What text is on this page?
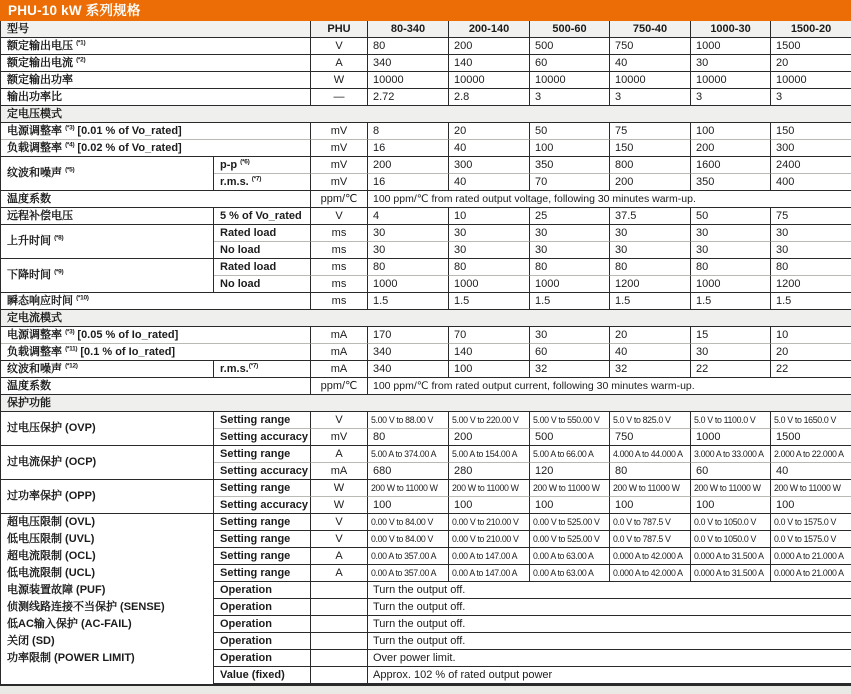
PHU-10 kW 系列规格
型号		PHU	80-340	200-140	500-60	750-40	1000-30	1500-20
额定输出电压 $^{(*1)}$		V	80	200	500	750	1000	1500
额定输出电流 $^{(*2)}$		A	340	140	60	40	30	20
额定输出功率		W	10000	10000	10000	10000	10000	10000
输出功率比		—	2.72	2.8	3	3	3	3
定电压模式								
电源调整率 $^{(*3)}$ [0.01 % of Vo_rated]		mV	8	20	50	75	100	150
负载调整率 $^{(*4)}$ [0.02 % of Vo_rated]		mV	16	40	100	150	200	300
纹波和噪声 $^{(*5)}$	p-p $^{(*6)}$	mV	200	300	350	800	1600	2400
	r.m.s. $^{(*7)}$	mV	16	40	70	200	350	400
温度系数		ppm/℃	100 ppm/℃ from rated output voltage, following 30 minutes warm-up.					
远程补偿电压	5 % of Vo_rated	V	4	10	25	37.5	50	75
上升时间 $^{(*8)}$	Rated load	ms	30	30	30	30	30	30
	No load	ms	30	30	30	30	30	30
下降时间 $^{(*9)}$	Rated load	ms	80	80	80	80	80	80
	No load	ms	1000	1000	1000	1200	1000	1200
瞬态响应时间 $^{(*10)}$		ms	1.5	1.5	1.5	1.5	1.5	1.5
定电流模式								
电源调整率 $^{(*3)}$ [0.05 % of Io_rated]		mA	170	70	30	20	15	10
负载调整率 $^{(*11)}$ [0.1 % of Io_rated]		mA	340	140	60	40	30	20
纹波和噪声 $^{(*12)}$	r.m.s.$^{(*7)}$	mA	340	100	32	32	22	22
温度系数		ppm/℃	100 ppm/℃ from rated output current, following 30 minutes warm-up.					
保护功能								
过电压保护 (OVP)	Setting range	V	5.00 V to 88.00 V	5.00 V to 220.00 V	5.00 V to 550.00 V	5.0 V to 825.0 V	5.0 V to 1100.0 V	5.0 V to 1650.0 V
	Setting accuracy	mV	80	200	500	750	1000	1500
过电流保护 (OCP)	Setting range	A	5.00 A to 374.00 A	5.00 A to 154.00 A	5.00 A to 66.00 A	4.000 A to 44.000 A	3.000 A to 33.000 A	2.000 A to 22.000 A
	Setting accuracy	mA	680	280	120	80	60	40
过功率保护 (OPP)	Setting range	W	200 W to 11000 W	200 W to 11000 W	200 W to 11000 W	200 W to 11000 W	200 W to 11000 W	200 W to 11000 W
	Setting accuracy	W	100	100	100	100	100	100
超电压限制 (OVL)	Setting range	V	0.00 V to 84.00 V	0.00 V to 210.00 V	0.00 V to 525.00 V	0.0 V to 787.5 V	0.0 V to 1050.0 V	0.0 V to 1575.0 V
低电压限制 (UVL)	Setting range	V	0.00 V to 84.00 V	0.00 V to 210.00 V	0.00 V to 525.00 V	0.0 V to 787.5 V	0.0 V to 1050.0 V	0.0 V to 1575.0 V
超电流限制 (OCL)	Setting range	A	0.00 A to 357.00 A	0.00 A to 147.00 A	0.00 A to 63.00 A	0.000 A to 42.000 A	0.000 A to 31.500 A	0.000 A to 21.000 A
低电流限制 (UCL)	Setting range	A	0.00 A to 357.00 A	0.00 A to 147.00 A	0.00 A to 63.00 A	0.000 A to 42.000 A	0.000 A to 31.500 A	0.000 A to 21.000 A
电源装置故障 (PUF)	Operation		Turn the output off.					
侦测线路连接不当保护 (SENSE)	Operation		Turn the output off.					
低AC输入保护 (AC-FAIL)	Operation		Turn the output off.					
关闭 (SD)	Operation		Turn the output off.					
功率限制 (POWER LIMIT)	Operation		Over power limit.					
	Value (fixed)		Approx. 102 % of rated output power					
